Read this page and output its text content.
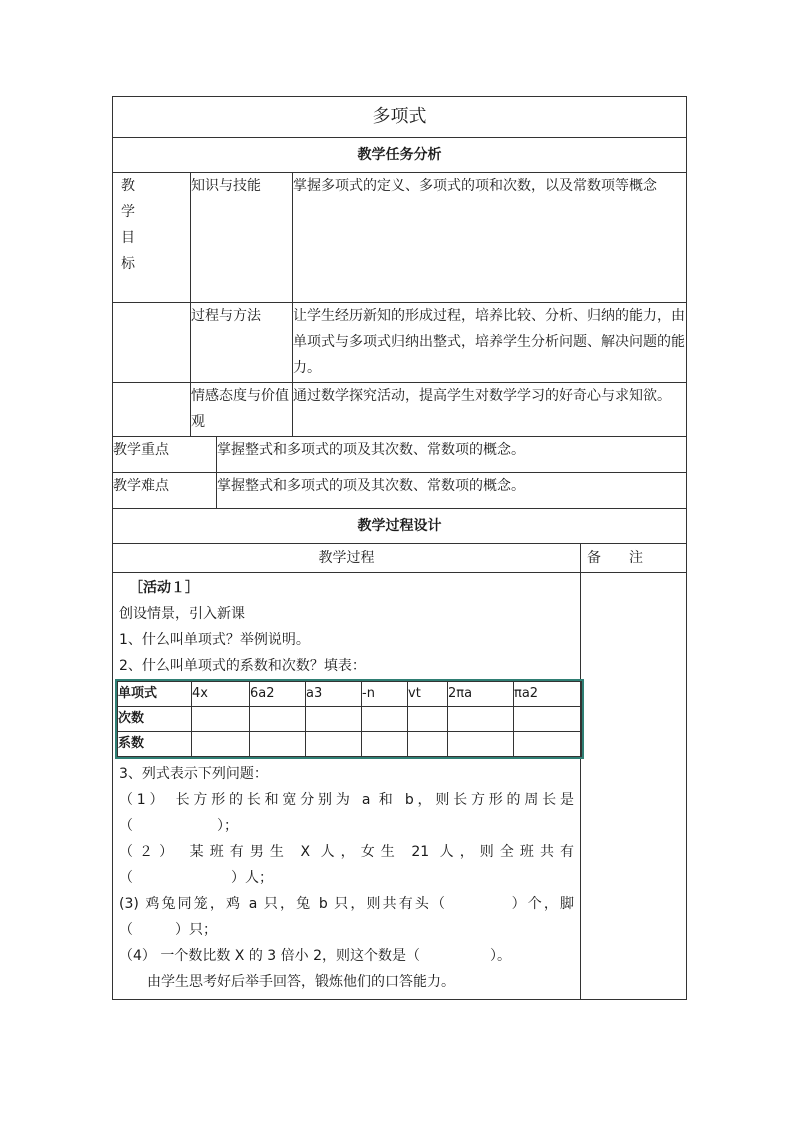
多项式
教学任务分析

教
学
目
标
	知识与技能	掌握多项式的定义、多项式的项和次数，以及常数项等概念
	过程与方法	让学生经历新知的形成过程，培养比较、分析、归纳的能力，由单项式与多项式归纳出整式，培养学生分析问题、解决问题的能力。
	情感态度与价值观	通过数学探究活动，提高学生对数学学习的好奇心与求知欲。
教学重点	掌握整式和多项式的项及其次数、常数项的概念。
教学难点	掌握整式和多项式的项及其次数、常数项的概念。
教学过程设计
教学过程	备　　注

［活动１］

创设情景，引入新课

1、什么叫单项式？举例说明。

2、什么叫单项式的系数和次数？填表：

单项式	4x	6a2	a3	-n	vt	2πa	πa2
次数							
系数							

3、列式表示下列问题：

（1） 长方形的长和宽分别为 a 和 b，则长方形的周长是

（　　　　　　）；

（２） 某班有男生 X 人，女生 21 人，则全班共有

（　　　　　　　）人；

(3) 鸡兔同笼，鸡 a 只，兔 b 只，则共有头（　　　　）个，脚

（　　　）只；

（4） 一个数比数 X 的 3 倍小 2，则这个数是（　　　　　）。

由学生思考好后举手回答，锻炼他们的口答能力。
